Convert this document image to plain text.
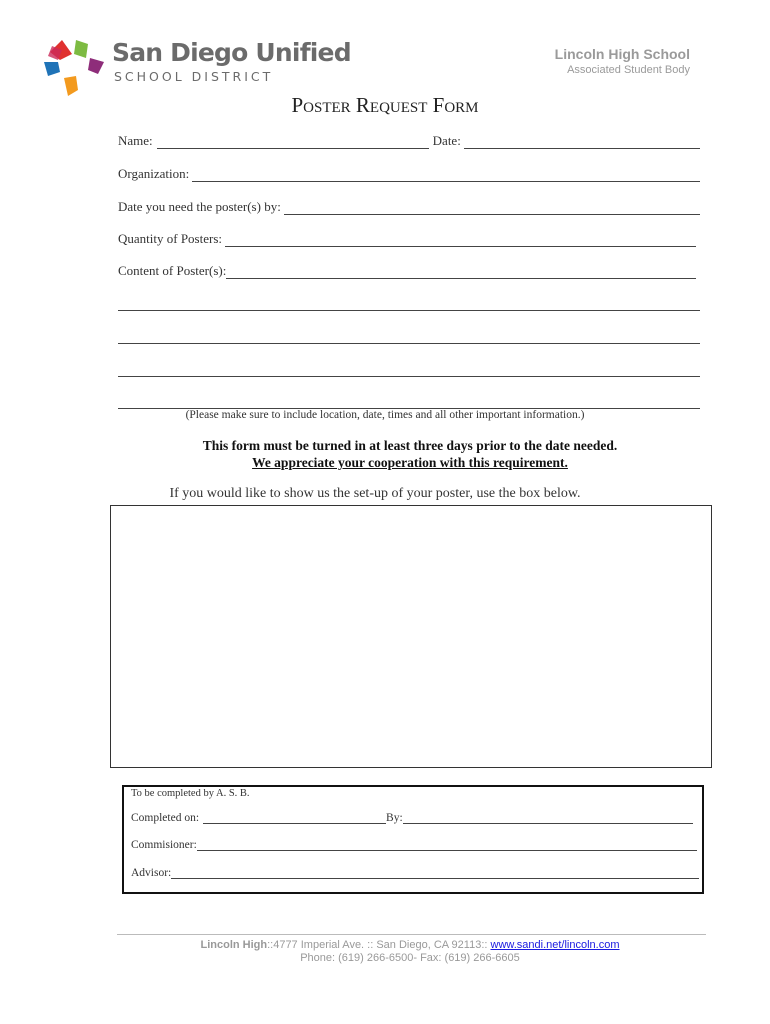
San Diego Unified
SCHOOL DISTRICT
Lincoln High School
Associated Student Body
Poster Request Form
Name:	Date:
Organization:
Date you need the poster(s) by:
Quantity of Posters:
Content of Poster(s):
(Please make sure to include location, date, times and all other important information.)
This form must be turned in at least three days prior to the date needed.
We appreciate your cooperation with this requirement.
If you would like to show us the set-up of your poster, use the box below.
To be completed by A. S. B.
Completed on:	By:
Commisioner:
Advisor:
Lincoln High::4777 Imperial Ave. :: San Diego, CA 92113:: www.sandi.net/lincoln.com
Phone: (619) 266-6500- Fax: (619) 266-6605
